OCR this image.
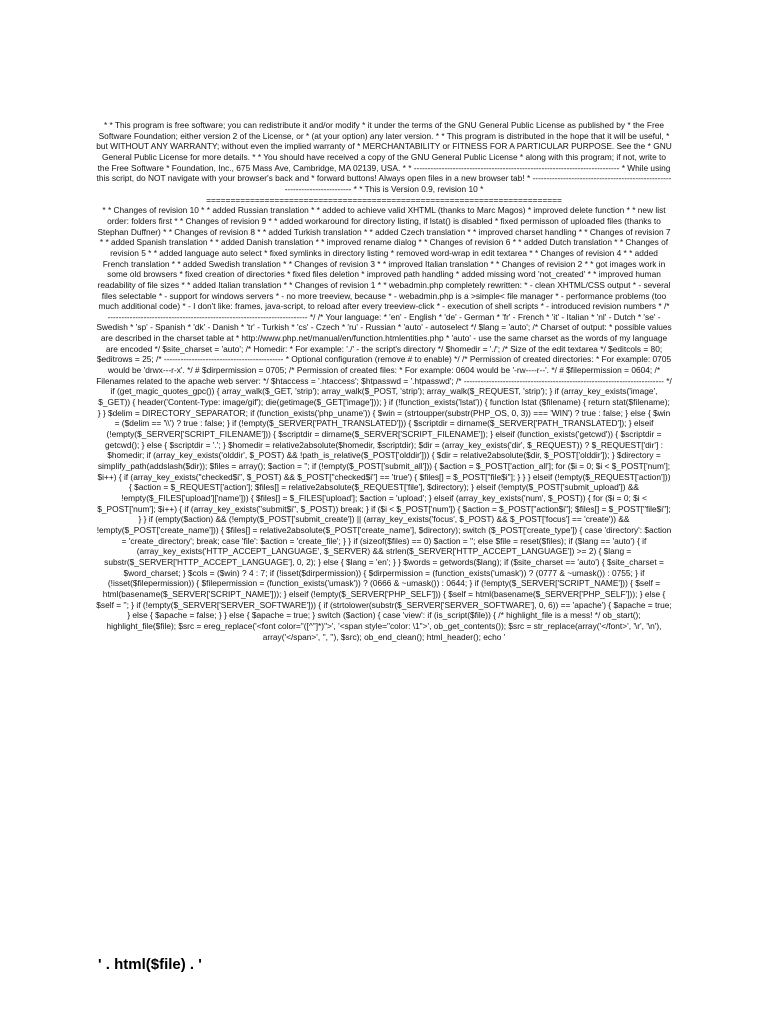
* * This program is free software; you can redistribute it and/or modify * it under the terms of the GNU General Public License as published by * the Free Software Foundation; either version 2 of the License, or * (at your option) any later version. * * This program is distributed in the hope that it will be useful, * but WITHOUT ANY WARRANTY; without even the implied warranty of * MERCHANTABILITY or FITNESS FOR A PARTICULAR PURPOSE. See the * GNU General Public License for more details. * * You should have received a copy of the GNU General Public License * along with this program; if not, write to the Free Software * Foundation, Inc., 675 Mass Ave, Cambridge, MA 02139, USA. * * -------------------------------------------------------------------------- * While using this script, do NOT navigate with your browser's back and * forward buttons! Always open files in a new browser tab! * -------------------------------------------------------------------------- * * This is Version 0.9, revision 10 *
=========================================================================
* * Changes of revision 10 * * added Russian translation * * added to achieve valid XHTML (thanks to Marc Magos) * improved delete function * * new list order: folders first * * Changes of revision 9 * * added workaround for directory listing, if lstat() is disabled * fixed permisson of uploaded files (thanks to Stephan Duffner) * * Changes of revision 8 * * added Turkish translation * * added Czech translation * * improved charset handling * * Changes of revision 7 * * added Spanish translation * * added Danish translation * * improved rename dialog * * Changes of revision 6 * * added Dutch translation * * Changes of revision 5 * * added language auto select * fixed symlinks in directory listing * removed word-wrap in edit textarea * * Changes of revision 4 * * added French translation * * added Swedish translation * * Changes of revision 3 * * improved Italian translation * * Changes of revision 2 * * got images work in some old browsers * fixed creation of directories * fixed files deletion * improved path handling * added missing word 'not_created' * * improved human readability of file sizes * * added Italian translation * * Changes of revision 1 * * webadmin.php completely rewritten: * - clean XHTML/CSS output * - several files selectable * - support for windows servers * - no more treeview, because * - webadmin.php is a >simple< file manager * - performance problems (too much additional code) * - I don't like: frames, java-script, to reload after every treeview-click * - execution of shell scripts * - introduced revision numbers * /* ------------------------------------------------------------------------ */ /* Your language: * 'en' - English * 'de' - German * 'fr' - French * 'it' - Italian * 'nl' - Dutch * 'se' - Swedish * 'sp' - Spanish * 'dk' - Danish * 'tr' - Turkish * 'cs' - Czech * 'ru' - Russian * 'auto' - autoselect */ $lang = 'auto'; /* Charset of output: * possible values are described in the charset table at * http://www.php.net/manual/en/function.htmlentities.php * 'auto' - use the same charset as the words of my language are encoded */ $site_charset = 'auto'; /* Homedir: * For example: './' - the script's directory */ $homedir = './'; /* Size of the edit textarea */ $editcols = 80; $editrows = 25; /* ------------------------------------------- * Optional configuration (remove # to enable) */ /* Permission of created directories: * For example: 0705 would be 'drwx---r-x'. */ # $dirpermission = 0705; /* Permission of created files: * For example: 0604 would be '-rw----r--'. */ # $filepermission = 0604; /* Filenames related to the apache web server: */ $htaccess = '.htaccess'; $htpasswd = '.htpasswd'; /* ------------------------------------------------------------------------ */ if (get_magic_quotes_gpc()) { array_walk($_GET, 'strip'); array_walk($_POST, 'strip'); array_walk($_REQUEST, 'strip'); } if (array_key_exists('image', $_GET)) { header('Content-Type: image/gif'); die(getimage($_GET['image'])); } if (!function_exists('lstat')) { function lstat ($filename) { return stat($filename); } } $delim = DIRECTORY_SEPARATOR; if (function_exists('php_uname')) { $win = (strtoupper(substr(PHP_OS, 0, 3)) === 'WIN') ? true : false; } else { $win = ($delim == '\\') ? true : false; } if (!empty($_SERVER['PATH_TRANSLATED'])) { $scriptdir = dirname($_SERVER['PATH_TRANSLATED']); } elseif (!empty($_SERVER['SCRIPT_FILENAME'])) { $scriptdir = dirname($_SERVER['SCRIPT_FILENAME']); } elseif (function_exists('getcwd')) { $scriptdir = getcwd(); } else { $scriptdir = '.'; } $homedir = relative2absolute($homedir, $scriptdir); $dir = (array_key_exists('dir', $_REQUEST)) ? $_REQUEST['dir'] : $homedir; if (array_key_exists('olddir', $_POST) && !path_is_relative($_POST['olddir'])) { $dir = relative2absolute($dir, $_POST['olddir']); } $directory = simplify_path(addslash($dir)); $files = array(); $action = ''; if (!empty($_POST['submit_all'])) { $action = $_POST['action_all']; for ($i = 0; $i < $_POST['num']; $i++) { if (array_key_exists("checked$i", $_POST) && $_POST["checked$i"] == 'true') { $files[] = $_POST["file$i"]; } } } elseif (!empty($_REQUEST['action'])) { $action = $_REQUEST['action']; $files[] = relative2absolute($_REQUEST['file'], $directory); } elseif (!empty($_POST['submit_upload']) && !empty($_FILES['upload']['name'])) { $files[] = $_FILES['upload']; $action = 'upload'; } elseif (array_key_exists('num', $_POST)) { for ($i = 0; $i < $_POST['num']; $i++) { if (array_key_exists("submit$i", $_POST)) break; } if ($i < $_POST['num']) { $action = $_POST["action$i"]; $files[] = $_POST["file$i"]; } } if (empty($action) && (!empty($_POST['submit_create']) || (array_key_exists('focus', $_POST) && $_POST['focus'] == 'create')) && !empty($_POST['create_name'])) { $files[] = relative2absolute($_POST['create_name'], $directory); switch ($_POST['create_type']) { case 'directory': $action = 'create_directory'; break; case 'file': $action = 'create_file'; } } if (sizeof($files) == 0) $action = ''; else $file = reset($files); if ($lang == 'auto') { if (array_key_exists('HTTP_ACCEPT_LANGUAGE', $_SERVER) && strlen($_SERVER['HTTP_ACCEPT_LANGUAGE']) >= 2) { $lang = substr($_SERVER['HTTP_ACCEPT_LANGUAGE'], 0, 2); } else { $lang = 'en'; } } $words = getwords($lang); if ($site_charset == 'auto') { $site_charset = $word_charset; } $cols = ($win) ? 4 : 7; if (!isset($dirpermission)) { $dirpermission = (function_exists('umask')) ? (0777 & ~umask()) : 0755; } if (!isset($filepermission)) { $filepermission = (function_exists('umask')) ? (0666 & ~umask()) : 0644; } if (!empty($_SERVER['SCRIPT_NAME'])) { $self = html(basename($_SERVER['SCRIPT_NAME'])); } elseif (!empty($_SERVER['PHP_SELF'])) { $self = html(basename($_SERVER['PHP_SELF'])); } else { $self = ''; } if (!empty($_SERVER['SERVER_SOFTWARE'])) { if (strtolower(substr($_SERVER['SERVER_SOFTWARE'], 0, 6)) == 'apache') { $apache = true; } else { $apache = false; } } else { $apache = true; } switch ($action) { case 'view': if (is_script($file)) { /* highlight_file is a mess! */ ob_start(); highlight_file($file); $src = ereg_replace('<font color="([^"]*)">', '<span style="color: \1">', ob_get_contents()); $src = str_replace(array('</font>', '\r', '\n'), array('</span>', '', ''), $src); ob_end_clean(); html_header(); echo '
' . html($file) . '
